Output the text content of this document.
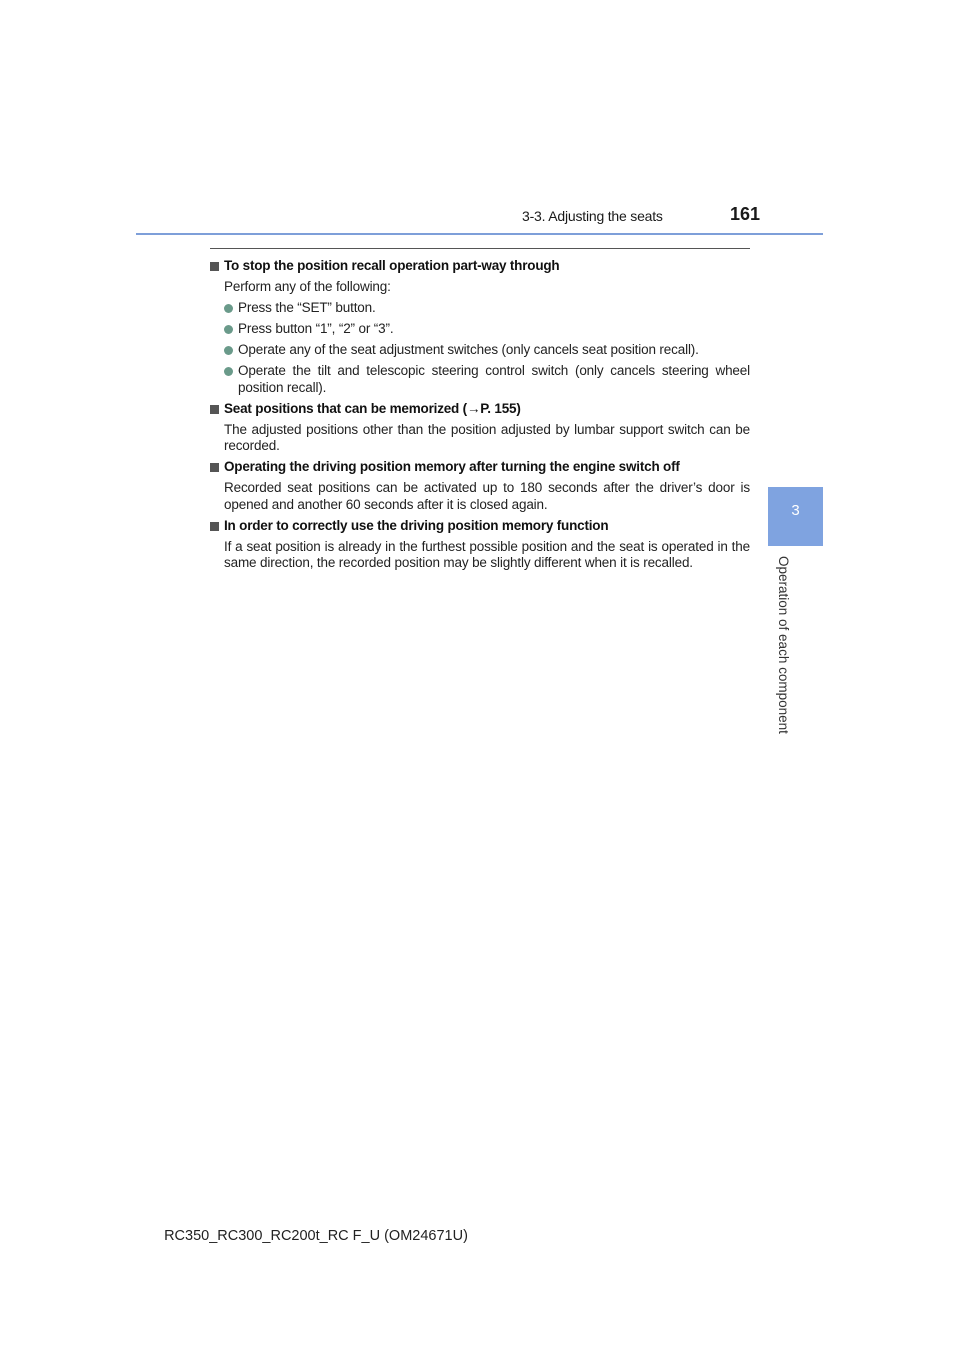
3-3. Adjusting the seats	161
3
Operation of each component
To stop the position recall operation part-way through
Perform any of the following:
Press the “SET” button.
Press button “1”, “2” or “3”.
Operate any of the seat adjustment switches (only cancels seat position recall).
Operate the tilt and telescopic steering control switch (only cancels steering wheel position recall).
Seat positions that can be memorized (→P. 155)
The adjusted positions other than the position adjusted by lumbar support switch can be recorded.
Operating the driving position memory after turning the engine switch off
Recorded seat positions can be activated up to 180 seconds after the driver’s door is opened and another 60 seconds after it is closed again.
In order to correctly use the driving position memory function
If a seat position is already in the furthest possible position and the seat is operated in the same direction, the recorded position may be slightly different when it is recalled.
RC350_RC300_RC200t_RC F_U (OM24671U)
